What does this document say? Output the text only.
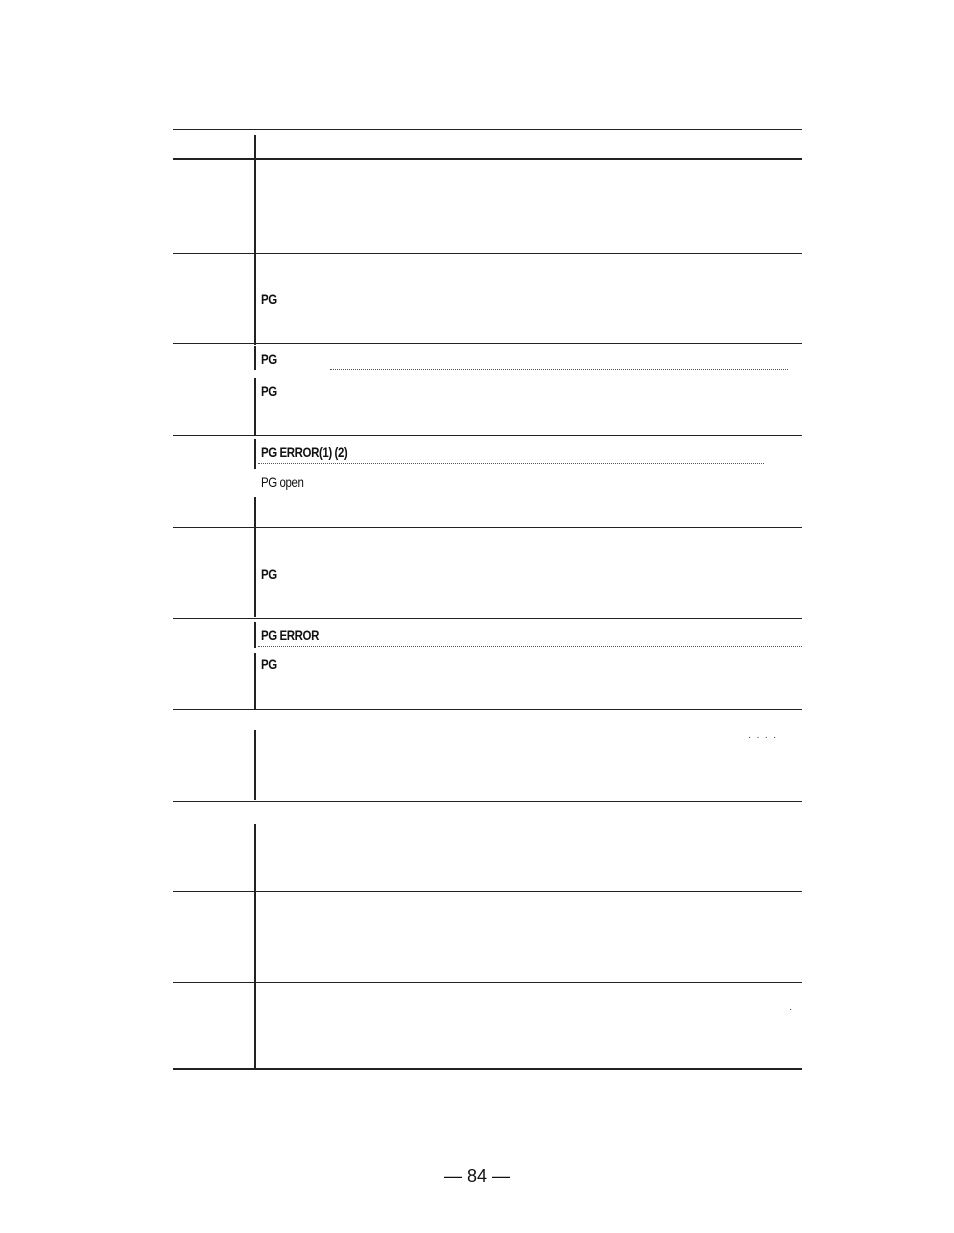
PG
PG
PG
PG ERROR(1) (2)
PG open
PG
PG ERROR
PG
····
·
— 84 —
